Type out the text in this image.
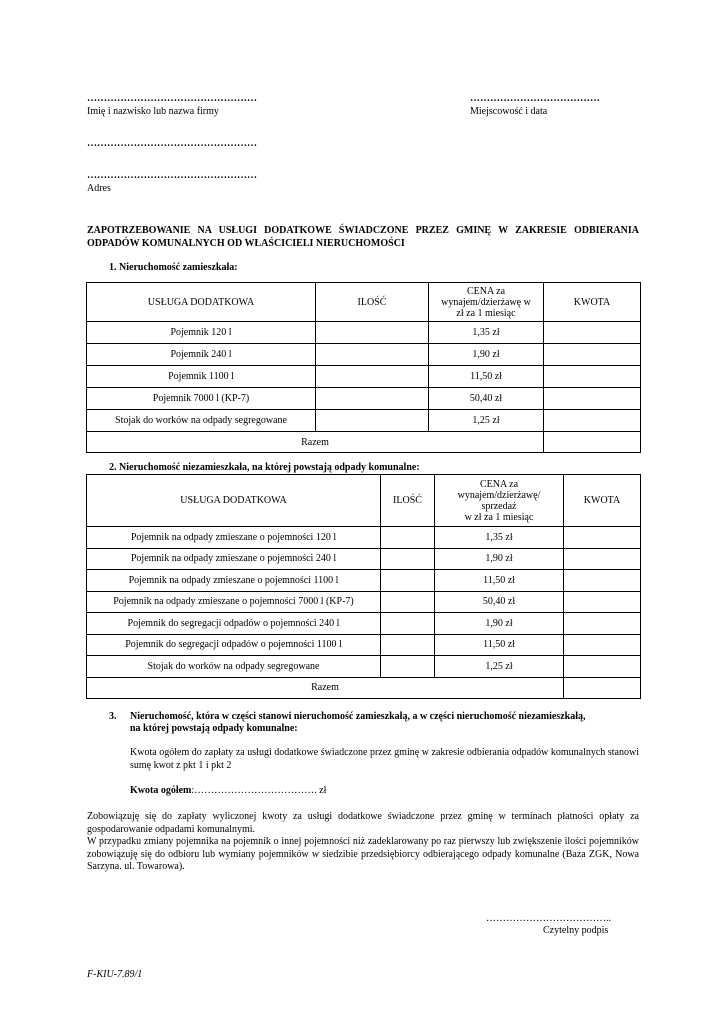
……………………………………………
Imię i nazwisko lub nazwa firmy
…………………………………
Miejscowość i data
……………………………………………
……………………………………………
Adres
ZAPOTRZEBOWANIE NA USŁUGI DODATKOWE ŚWIADCZONE PRZEZ GMINĘ W ZAKRESIE ODBIERANIA ODPADÓW KOMUNALNYCH OD WŁAŚCICIELI NIERUCHOMOŚCI
1. Nieruchomość zamieszkała:
USŁUGA DODATKOWA	ILOŚĆ	CENA za
wynajem/dzierżawę w
zł za 1 miesiąc	KWOTA
Pojemnik 120 l		1,35 zł	
Pojemnik 240 l		1,90 zł	
Pojemnik 1100 l		11,50 zł	
Pojemnik 7000 l (KP-7)		50,40 zł	
Stojak do worków na odpady segregowane		1,25 zł	
Razem			
2. Nieruchomość niezamieszkała, na której powstają odpady komunalne:
USŁUGA DODATKOWA	ILOŚĆ	CENA za
wynajem/dzierżawę/
sprzedaż
w zł za 1 miesiąc	KWOTA
Pojemnik na odpady zmieszane o pojemności 120 l		1,35 zł	
Pojemnik na odpady zmieszane o pojemności 240 l		1,90 zł	
Pojemnik na odpady zmieszane o pojemności 1100 l		11,50 zł	
Pojemnik na odpady zmieszane o pojemności 7000 l (KP-7)		50,40 zł	
Pojemnik do segregacji odpadów o pojemności 240 l		1,90 zł	
Pojemnik do segregacji odpadów o pojemności 1100 l		11,50 zł	
Stojak do worków na odpady segregowane		1,25 zł	
Razem			
3. Nieruchomość, która w części stanowi nieruchomość zamieszkałą, a w części nieruchomość niezamieszkałą,
na której powstają odpady komunalne:
Kwota ogółem do zapłaty za usługi dodatkowe świadczone przez gminę w zakresie odbierania odpadów komunalnych stanowi sumę kwot z pkt 1 i pkt 2
Kwota ogółem:………………………………. zł
Zobowiązuję się do zapłaty wyliczonej kwoty za usługi dodatkowe świadczone przez gminę w terminach płatności opłaty za gospodarowanie odpadami komunalnymi.
W przypadku zmiany pojemnika na pojemnik o innej pojemności niż zadeklarowany po raz pierwszy lub zwiększenie ilości pojemników zobowiązuję się do odbioru lub wymiany pojemników w siedzibie przedsiębiorcy odbierającego odpady komunalne (Baza ZGK, Nowa Sarzyna. ul. Towarowa).
………………………………..
Czytelny podpis
F-KIU-7.89/1
